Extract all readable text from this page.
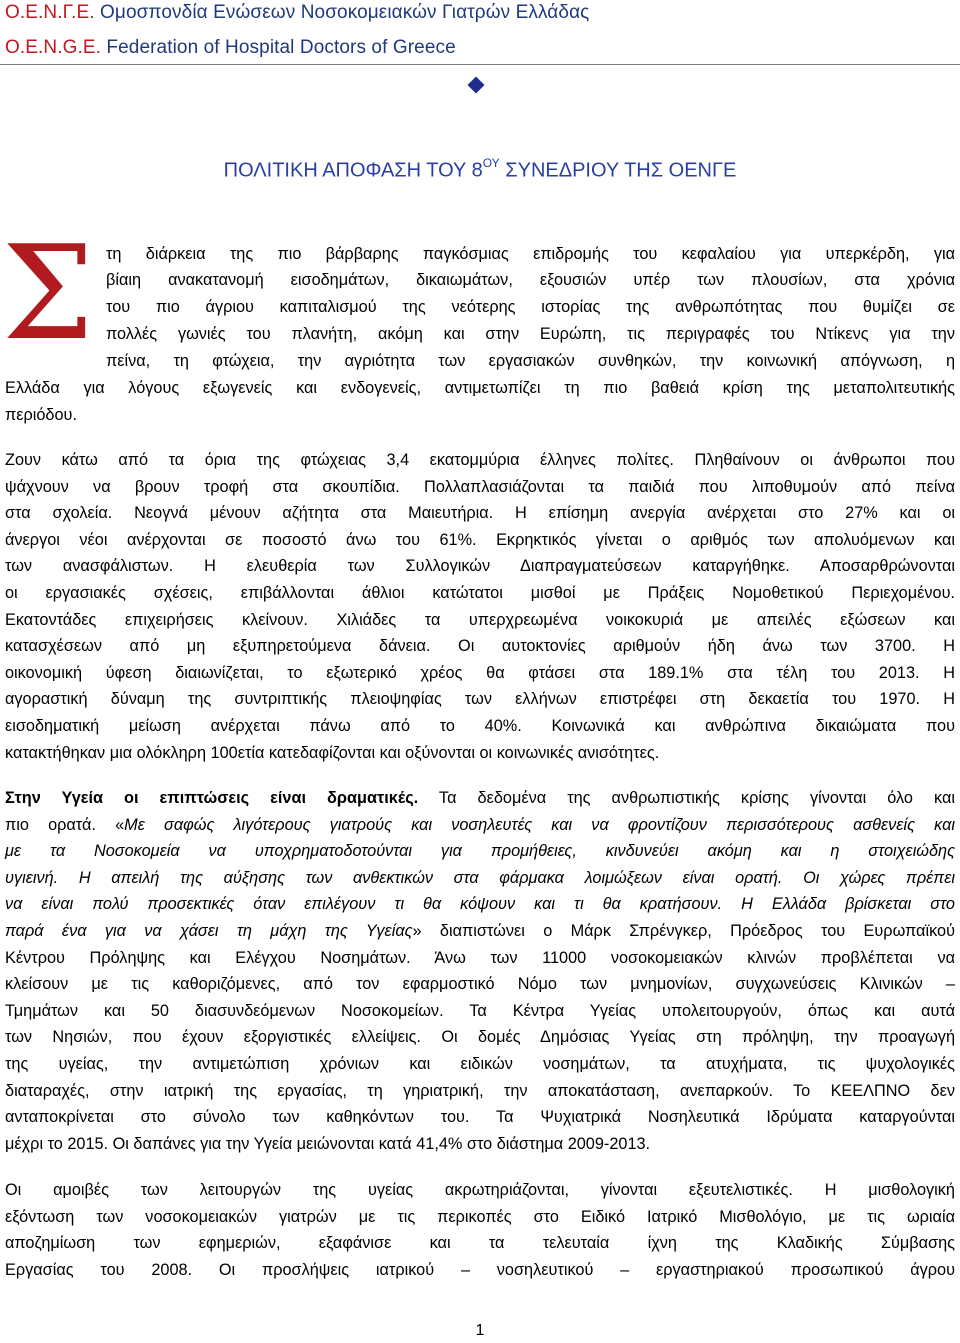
Ο.Ε.Ν.Γ.Ε. Ομοσπονδία Ενώσεων Νοσοκομειακών Γιατρών Ελλάδας
O.E.N.G.E. Federation of Hospital Doctors of Greece
ΠΟΛΙΤΙΚΗ ΑΠΟΦΑΣΗ ΤΟΥ $8^{O\Upsilon}$ ΣΥΝΕΔΡΙΟΥ ΤΗΣ ΟΕΝΓΕ
Σ τη διάρκεια της πιο βάρβαρης παγκόσμιας επιδρομής του κεφαλαίου για υπερκέρδη, για
βίαιη ανακατανομή εισοδημάτων, δικαιωμάτων, εξουσιών υπέρ των πλουσίων, στα χρόνια
του πιο άγριου καπιταλισμού της νεότερης ιστορίας της ανθρωπότητας που θυμίζει σε
πολλές γωνιές του πλανήτη, ακόμη και στην Ευρώπη, τις περιγραφές του Ντίκενς για την
πείνα, τη φτώχεια, την αγριότητα των εργασιακών συνθηκών, την κοινωνική απόγνωση, η
Ελλάδα για λόγους εξωγενείς και ενδογενείς, αντιμετωπίζει τη πιο βαθειά κρίση της μεταπολιτευτικής
περιόδου.
Ζουν κάτω από τα όρια της φτώχειας 3,4 εκατομμύρια έλληνες πολίτες. Πληθαίνουν οι άνθρωποι που
ψάχνουν να βρουν τροφή στα σκουπίδια. Πολλαπλασιάζονται τα παιδιά που λιποθυμούν από πείνα
στα σχολεία. Νεογνά μένουν αζήτητα στα Μαιευτήρια. Η επίσημη ανεργία ανέρχεται στο 27% και οι
άνεργοι νέοι ανέρχονται σε ποσοστό άνω του 61%. Εκρηκτικός γίνεται ο αριθμός των απολυόμενων και
των ανασφάλιστων. Η ελευθερία των Συλλογικών Διαπραγματεύσεων καταργήθηκε. Αποσαρθρώνονται
οι εργασιακές σχέσεις, επιβάλλονται άθλιοι κατώτατοι μισθοί με Πράξεις Νομοθετικού Περιεχομένου.
Εκατοντάδες επιχειρήσεις κλείνουν. Χιλιάδες τα υπερχρεωμένα νοικοκυριά με απειλές εξώσεων και
κατασχέσεων από μη εξυπηρετούμενα δάνεια. Οι αυτοκτονίες αριθμούν ήδη άνω των 3700. Η
οικονομική ύφεση διαιωνίζεται, το εξωτερικό χρέος θα φτάσει στα 189.1% στα τέλη του 2013. Η
αγοραστική δύναμη της συντριπτικής πλειοψηφίας των ελλήνων επιστρέφει στη δεκαετία του 1970. Η
εισοδηματική μείωση ανέρχεται πάνω από το 40%. Κοινωνικά και ανθρώπινα δικαιώματα που
κατακτήθηκαν μια ολόκληρη 100ετία κατεδαφίζονται και οξύνονται οι κοινωνικές ανισότητες.
Στην Υγεία οι επιπτώσεις είναι δραματικές. Τα δεδομένα της ανθρωπιστικής κρίσης γίνονται όλο και
πιο ορατά. «Με σαφώς λιγότερους γιατρούς και νοσηλευτές και να φροντίζουν περισσότερους ασθενείς και
με τα Νοσοκομεία να υποχρηματοδοτούνται για προμήθειες, κινδυνεύει ακόμη και η στοιχειώδης
υγιεινή. Η απειλή της αύξησης των ανθεκτικών στα φάρμακα λοιμώξεων είναι ορατή. Οι χώρες πρέπει
να είναι πολύ προσεκτικές όταν επιλέγουν τι θα κόψουν και τι θα κρατήσουν. Η Ελλάδα βρίσκεται στο
παρά ένα για να χάσει τη μάχη της Υγείας» διαπιστώνει ο Μάρκ Σπρένγκερ, Πρόεδρος του Ευρωπαϊκού
Κέντρου Πρόληψης και Ελέγχου Νοσημάτων. Άνω των 11000 νοσοκομειακών κλινών προβλέπεται να
κλείσουν με τις καθοριζόμενες, από τον εφαρμοστικό Νόμο των μνημονίων, συγχωνεύσεις Κλινικών –
Τμημάτων και 50 διασυνδεόμενων Νοσοκομείων. Τα Κέντρα Υγείας υπολειτουργούν, όπως και αυτά
των Νησιών, που έχουν εξοργιστικές ελλείψεις. Οι δομές Δημόσιας Υγείας στη πρόληψη, την προαγωγή
της υγείας, την αντιμετώπιση χρόνιων και ειδικών νοσημάτων, τα ατυχήματα, τις ψυχολογικές
διαταραχές, στην ιατρική της εργασίας, τη γηριατρική, την αποκατάσταση, ανεπαρκούν. Το ΚΕΕΛΠΝΟ δεν
ανταποκρίνεται στο σύνολο των καθηκόντων του. Τα Ψυχιατρικά Νοσηλευτικά Ιδρύματα καταργούνται
μέχρι το 2015. Οι δαπάνες για την Υγεία μειώνονται κατά 41,4% στο διάστημα 2009-2013.
Οι αμοιβές των λειτουργών της υγείας ακρωτηριάζονται, γίνονται εξευτελιστικές. Η μισθολογική
εξόντωση των νοσοκομειακών γιατρών με τις περικοπές στο Ειδικό Ιατρικό Μισθολόγιο, με τις ωριαία
αποζημίωση των εφημεριών, εξαφάνισε και τα τελευταία ίχνη της Κλαδικής Σύμβασης
Εργασίας του 2008. Οι προσλήψεις ιατρικού – νοσηλευτικού – εργαστηριακού προσωπικού άγρου
1
